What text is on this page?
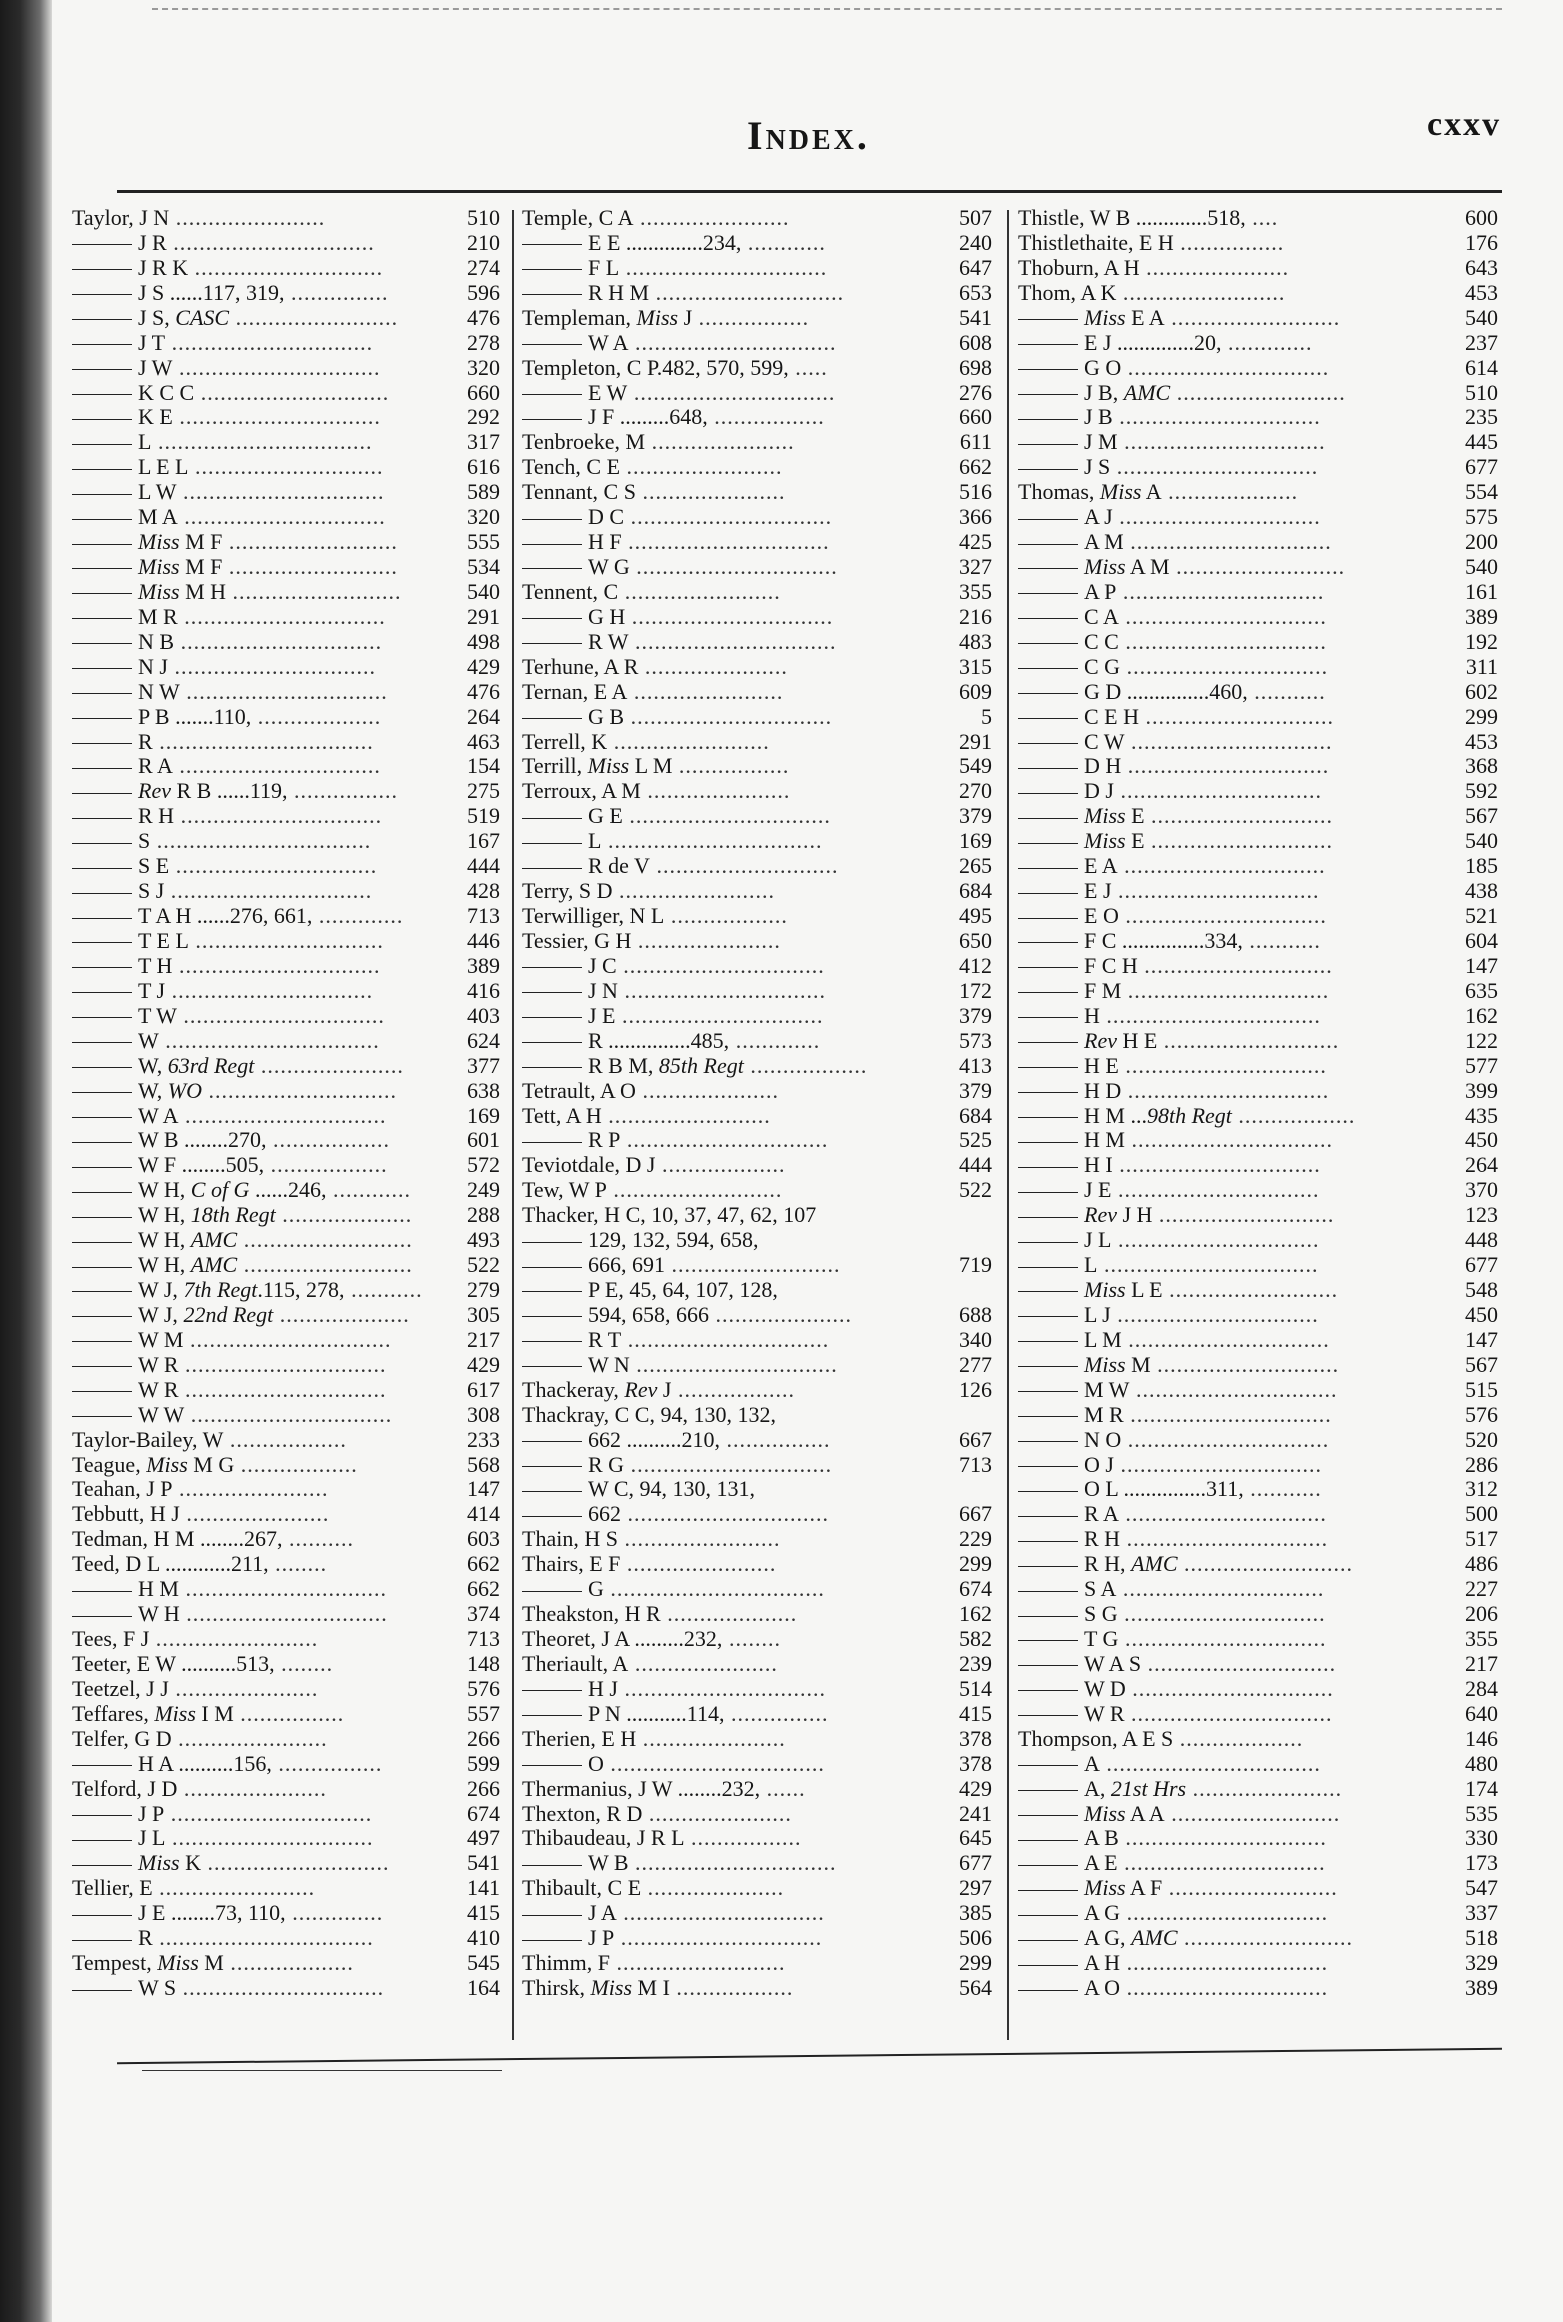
Index.	cxxv
Taylor, J N .......................	510
J R ...............................	210
J R K .............................	274
J S ......117, 319, ...............	596
J S, CASC .........................	476
J T ...............................	278
J W ...............................	320
K C C .............................	660
K E ...............................	292
L .................................	317
L E L .............................	616
L W ...............................	589
M A ...............................	320
Miss M F ..........................	555
Miss M F ..........................	534
Miss M H ..........................	540
M R ...............................	291
N B ...............................	498
N J ...............................	429
N W ...............................	476
P B .......110, ...................	264
R .................................	463
R A ...............................	154
Rev R B ......119, ................	275
R H ...............................	519
S .................................	167
S E ...............................	444
S J ...............................	428
T A H ......276, 661, .............	713
T E L .............................	446
T H ...............................	389
T J ...............................	416
T W ...............................	403
W .................................	624
W, 63rd Regt ......................	377
W, WO .............................	638
W A ...............................	169
W B ........270, ..................	601
W F ........505, ..................	572
W H, C of G ......246, ............	249
W H, 18th Regt .................... 288
W H, AMC .......................... 493
W H, AMC .......................... 522
W J, 7th Regt.115, 278, ........... 279
W J, 22nd Regt ....................	305
W M ...............................	217
W R ...............................	429
W R ...............................	617
W W ...............................	308
Taylor-Bailey, W ..................	233
Teague, Miss M G ..................	568
Teahan, J P .......................	147
Tebbutt, H J ......................	414
Tedman, H M ........267, ..........	603
Teed, D L ............211, ........	662
H M ...............................	662
W H ...............................	374
Tees, F J .........................	713
Teeter, E W ..........513, ........	148
Teetzel, J J ......................	576
Teffares, Miss I M ................	557
Telfer, G D .......................	266
H A ..........156, ................	599
Telford, J D ......................	266
J P ...............................	674
J L ...............................	497
Miss K ............................	541
Tellier, E ........................	141
J E ........73, 110, ..............	415
R .................................	410
Tempest, Miss M ...................	545
W S ...............................	164
Temple, C A .......................	507
E E ..............234, ............	240
F L ...............................	647
R H M .............................	653
Templeman, Miss J .................	541
W A ...............................	608
Templeton, C P.482, 570, 599, .....	698
E W ...............................	276
J F .........648, .................	660
Tenbroeke, M ......................	611
Tench, C E ........................	662
Tennant, C S ......................	516
D C ...............................	366
H F ...............................	425
W G ...............................	327
Tennent, C ........................	355
G H ...............................	216
R W ...............................	483
Terhune, A R ......................	315
Ternan, E A .......................	609
G B ...............................	5
Terrell, K ........................	291
Terrill, Miss L M .................	549
Terroux, A M ......................	270
G E ...............................	379
L .................................	169
R de V ............................	265
Terry, S D ........................	684
Terwilliger, N L ..................	495
Tessier, G H ......................	650
J C ...............................	412
J N ...............................	172
J E ...............................	379
R ...............485, .............	573
R B M, 85th Regt ..................	413
Tetrault, A O .....................	379
Tett, A H .........................	684
R P ...............................	525
Teviotdale, D J ...................	444
Tew, W P ..........................	522
Thacker, H C, 10, 37, 47, 62, 107
129, 132, 594, 658,
666, 691 ..........................	719
P E, 45, 64, 107, 128,
594, 658, 666 .....................	688
R T ...............................	340
W N ...............................	277
Thackeray, Rev J ..................	126
Thackray, C C, 94, 130, 132,
662 ..........210, ................	667
R G ...............................	713
W C, 94, 130, 131,
662 ...............................	667
Thain, H S ........................	229
Thairs, E F .......................	299
G .................................	674
Theakston, H R ....................	162
Theoret, J A .........232, ........	582
Theriault, A ......................	239
H J ...............................	514
P N ...........114, ...............	415
Therien, E H ......................	378
O .................................	378
Thermanius, J W ........232, ......	429
Thexton, R D ......................	241
Thibaudeau, J R L .................	645
W B ...............................	677
Thibault, C E .....................	297
J A ...............................	385
J P ...............................	506
Thimm, F ..........................	299
Thirsk, Miss M I ..................	564
Thistle, W B .............518, ....	600
Thistlethaite, E H ................	176
Thoburn, A H ......................	643
Thom, A K .........................	453
Miss E A ..........................	540
E J ..............20, .............	237
G O ...............................	614
J B, AMC ..........................	510
J B ...............................	235
J M ...............................	445
J S ...............................	677
Thomas, Miss A ....................	554
A J ...............................	575
A M ...............................	200
Miss A M ..........................	540
A P ...............................	161
C A ...............................	389
C C ...............................	192
C G ...............................	311
G D ...............460, ...........	602
C E H .............................	299
C W ...............................	453
D H ...............................	368
D J ...............................	592
Miss E ............................	567
Miss E ............................	540
E A ...............................	185
E J ...............................	438
E O ...............................	521
F C ...............334, ...........	604
F C H .............................	147
F M ...............................	635
H .................................	162
Rev H E ...........................	122
H E ...............................	577
H D ...............................	399
H M ...98th Regt ..................	435
H M ...............................	450
H I ...............................	264
J E ...............................	370
Rev J H ...........................	123
J L ...............................	448
L .................................	677
Miss L E ..........................	548
L J ...............................	450
L M ...............................	147
Miss M ............................	567
M W ...............................	515
M R ...............................	576
N O ...............................	520
O J ...............................	286
O L ...............311, ...........	312
R A ...............................	500
R H ...............................	517
R H, AMC ..........................	486
S A ...............................	227
S G ...............................	206
T G ...............................	355
W A S .............................	217
W D ...............................	284
W R ...............................	640
Thompson, A E S ...................	146
A .................................	480
A, 21st Hrs .......................	174
Miss A A ..........................	535
A B ...............................	330
A E ...............................	173
Miss A F ..........................	547
A G ...............................	337
A G, AMC ..........................	518
A H ...............................	329
A O ...............................	389
